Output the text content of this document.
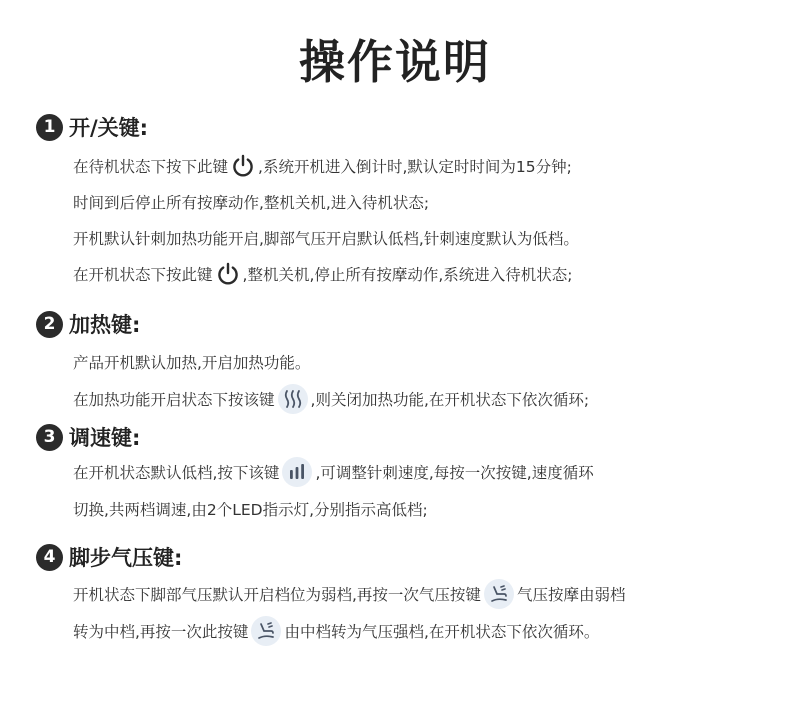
操作说明
1 开/关键:
在待机状态下按下此键 ,系统开机进入倒计时,默认定时时间为15分钟;
时间到后停止所有按摩动作,整机关机,进入待机状态;
开机默认针刺加热功能开启,脚部气压开启默认低档,针刺速度默认为低档。
在开机状态下按此键 ,整机关机,停止所有按摩动作,系统进入待机状态;
2 加热键:
产品开机默认加热,开启加热功能。
在加热功能开启状态下按该键 ,则关闭加热功能,在开机状态下依次循环;
3 调速键:
在开机状态默认低档,按下该键 ,可调整针刺速度,每按一次按键,速度循环
切换,共两档调速,由2个LED指示灯,分别指示高低档;
4 脚步气压键:
开机状态下脚部气压默认开启档位为弱档,再按一次气压按键 气压按摩由弱档
转为中档,再按一次此按键 由中档转为气压强档,在开机状态下依次循环。
